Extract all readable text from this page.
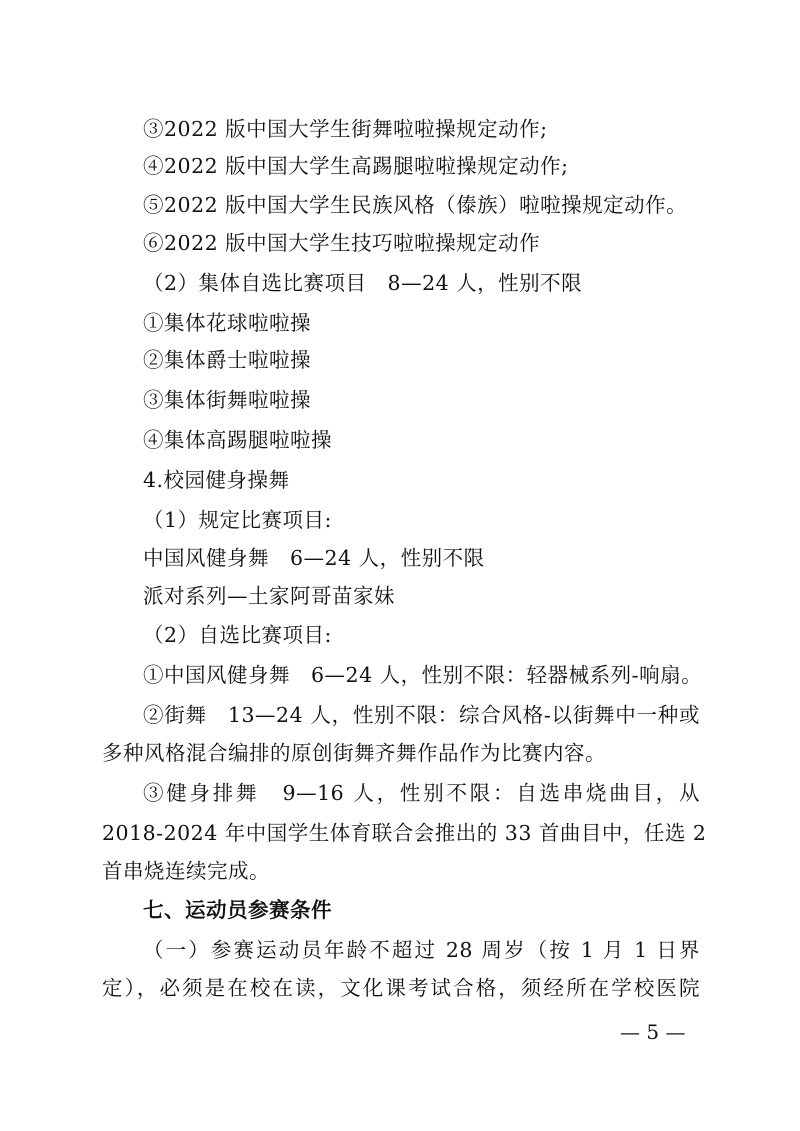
③2022 版中国大学生街舞啦啦操规定动作;
④2022 版中国大学生高踢腿啦啦操规定动作;
⑤2022 版中国大学生民族风格（傣族）啦啦操规定动作。
⑥2022 版中国大学生技巧啦啦操规定动作
（2）集体自选比赛项目　8—24 人，性别不限
①集体花球啦啦操
②集体爵士啦啦操
③集体街舞啦啦操
④集体高踢腿啦啦操
4.校园健身操舞
（1）规定比赛项目:
中国风健身舞　6—24 人，性别不限
派对系列—土家阿哥苗家妹
（2）自选比赛项目:
①中国风健身舞　6—24 人，性别不限：轻器械系列-响扇。
②街舞　13—24 人，性别不限：综合风格-以街舞中一种或
多种风格混合编排的原创街舞齐舞作品作为比赛内容。
③健身排舞　9—16 人，性别不限：自选串烧曲目，从
2018-2024 年中国学生体育联合会推出的 33 首曲目中，任选 2
首串烧连续完成。
七、运动员参赛条件
（一）参赛运动员年龄不超过 28 周岁（按 1 月 1 日界
定），必须是在校在读，文化课考试合格，须经所在学校医院
— 5 —
